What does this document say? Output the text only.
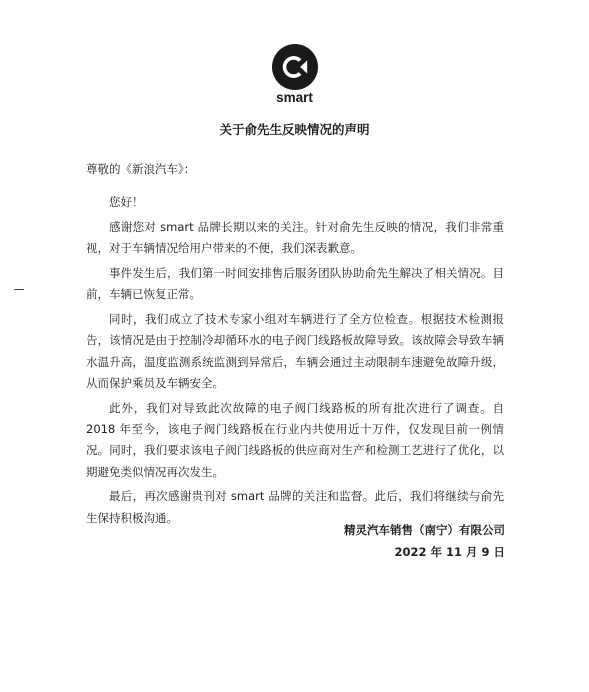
smart
关于俞先生反映情况的声明
尊敬的《新浪汽车》：

您好！

感谢您对 smart 品牌长期以来的关注。针对俞先生反映的情况，我们非常重视，对于车辆情况给用户带来的不便，我们深表歉意。

事件发生后，我们第一时间安排售后服务团队协助俞先生解决了相关情况。目前，车辆已恢复正常。

同时，我们成立了技术专家小组对车辆进行了全方位检查。根据技术检测报告，该情况是由于控制冷却循环水的电子阀门线路板故障导致。该故障会导致车辆水温升高，温度监测系统监测到异常后，车辆会通过主动限制车速避免故障升级，从而保护乘员及车辆安全。

此外，我们对导致此次故障的电子阀门线路板的所有批次进行了调查。自 2018 年至今，该电子阀门线路板在行业内共使用近十万件，仅发现目前一例情况。同时，我们要求该电子阀门线路板的供应商对生产和检测工艺进行了优化，以期避免类似情况再次发生。

最后，再次感谢贵刊对 smart 品牌的关注和监督。此后，我们将继续与俞先生保持积极沟通。

精灵汽车销售（南宁）有限公司
2022 年 11 月 9 日
